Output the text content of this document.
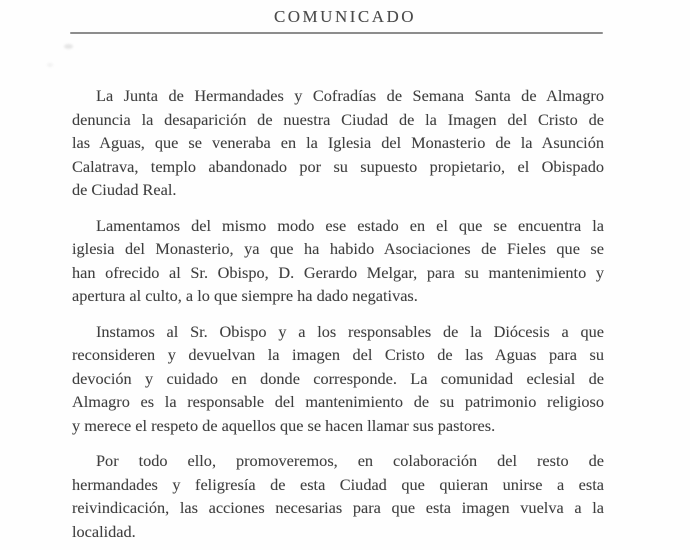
COMUNICADO
La Junta de Hermandades y Cofradías de Semana Santa de Almagro
denuncia la desaparición de nuestra Ciudad de la Imagen del Cristo de
las Aguas, que se veneraba en la Iglesia del Monasterio de la Asunción
Calatrava, templo abandonado por su supuesto propietario, el Obispado
de Ciudad Real.
Lamentamos del mismo modo ese estado en el que se encuentra la
iglesia del Monasterio, ya que ha habido Asociaciones de Fieles que se
han ofrecido al Sr. Obispo, D. Gerardo Melgar, para su mantenimiento y
apertura al culto, a lo que siempre ha dado negativas.
Instamos al Sr. Obispo y a los responsables de la Diócesis a que
reconsideren y devuelvan la imagen del Cristo de las Aguas para su
devoción y cuidado en donde corresponde. La comunidad eclesial de
Almagro es la responsable del mantenimiento de su patrimonio religioso
y merece el respeto de aquellos que se hacen llamar sus pastores.
Por todo ello, promoveremos, en colaboración del resto de
hermandades y feligresía de esta Ciudad que quieran unirse a esta
reivindicación, las acciones necesarias para que esta imagen vuelva a la
localidad.
